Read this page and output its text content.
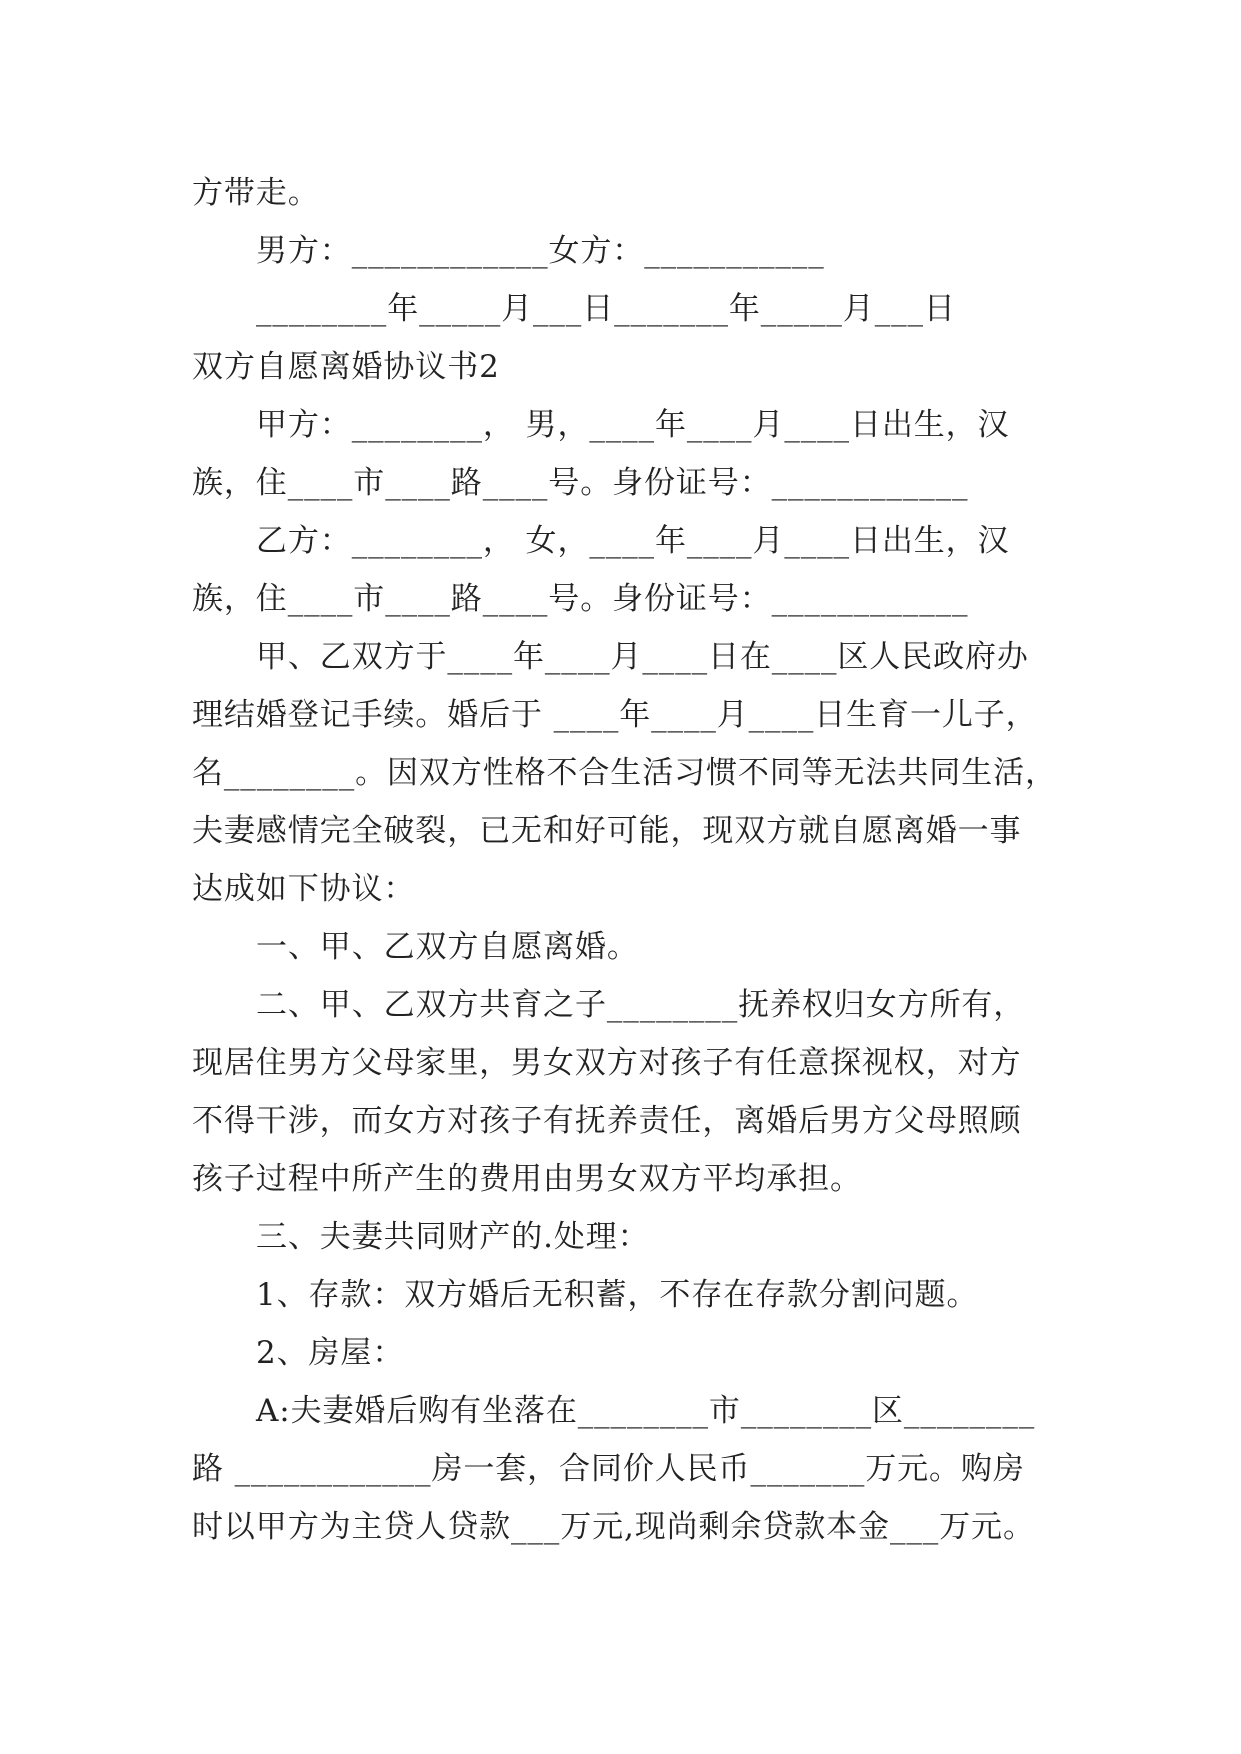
方带走。

男方：____________女方：___________

________年_____月___日_______年_____月___日

双方自愿离婚协议书2

甲方：________， 男，____年____月____日出生，汉

族，住____市____路____号。身份证号：____________

乙方：________， 女，____年____月____日出生，汉

族，住____市____路____号。身份证号：____________

甲、乙双方于____年____月____日在____区人民政府办

理结婚登记手续。婚后于 ____年____月____日生育一儿子，

名________。因双方性格不合生活习惯不同等无法共同生活，

夫妻感情完全破裂，已无和好可能，现双方就自愿离婚一事

达成如下协议：

一、甲、乙双方自愿离婚。

二、甲、乙双方共育之子________抚养权归女方所有，

现居住男方父母家里，男女双方对孩子有任意探视权，对方

不得干涉，而女方对孩子有抚养责任，离婚后男方父母照顾

孩子过程中所产生的费用由男女双方平均承担。

三、夫妻共同财产的.处理：

1、存款：双方婚后无积蓄，不存在存款分割问题。

2、房屋：

A:夫妻婚后购有坐落在________市________区________

路 ____________房一套，合同价人民币_______万元。购房

时以甲方为主贷人贷款___万元,现尚剩余贷款本金___万元。
